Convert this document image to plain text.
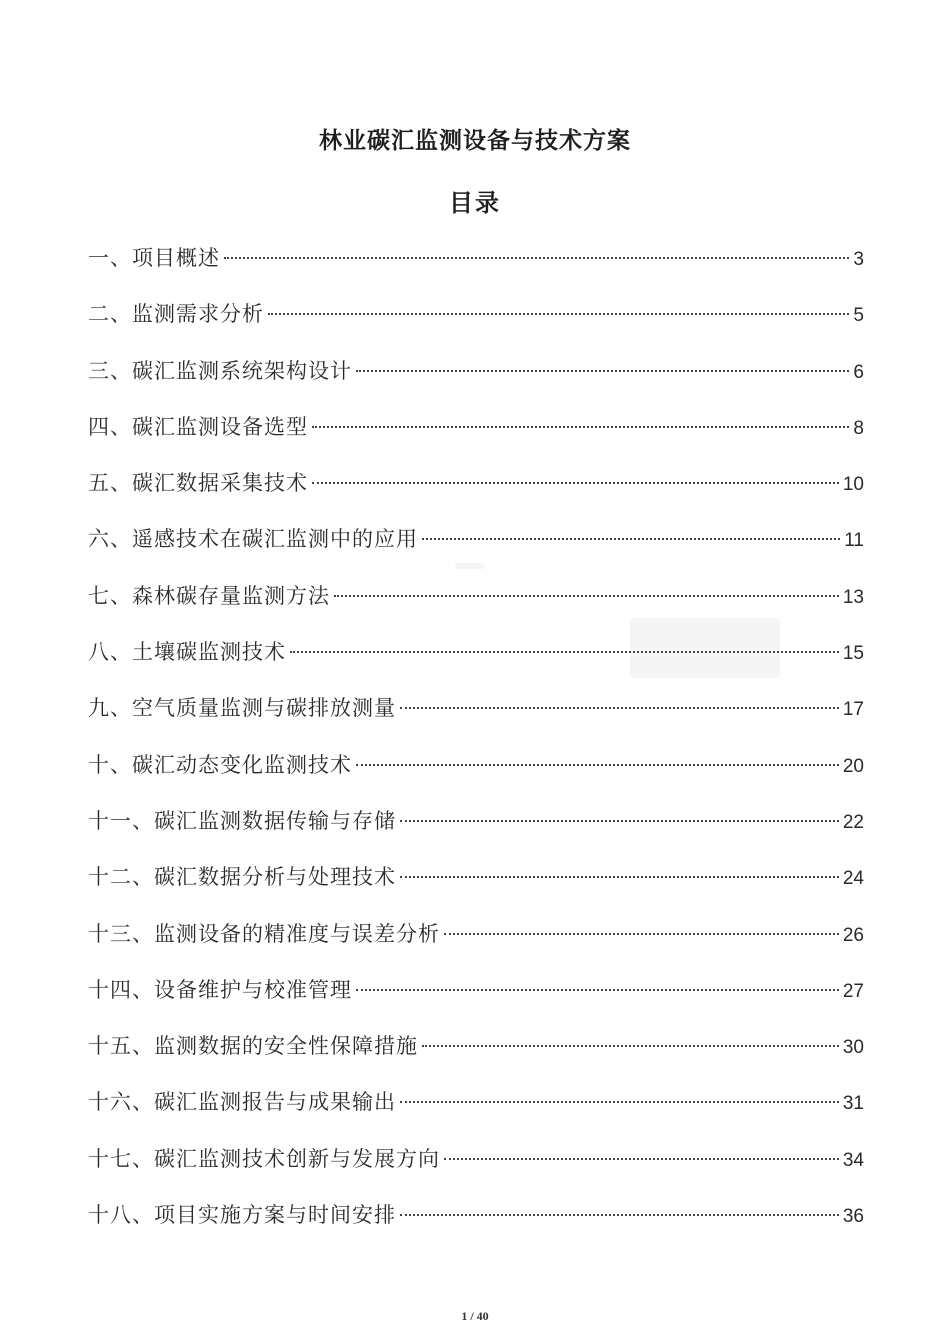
林业碳汇监测设备与技术方案
目录
一、项目概述	3
二、监测需求分析	5
三、碳汇监测系统架构设计	6
四、碳汇监测设备选型	8
五、碳汇数据采集技术	10
六、遥感技术在碳汇监测中的应用	11
七、森林碳存量监测方法	13
八、土壤碳监测技术	15
九、空气质量监测与碳排放测量	17
十、碳汇动态变化监测技术	20
十一、碳汇监测数据传输与存储	22
十二、碳汇数据分析与处理技术	24
十三、监测设备的精准度与误差分析	26
十四、设备维护与校准管理	27
十五、监测数据的安全性保障措施	30
十六、碳汇监测报告与成果输出	31
十七、碳汇监测技术创新与发展方向	34
十八、项目实施方案与时间安排	36
1 / 40
